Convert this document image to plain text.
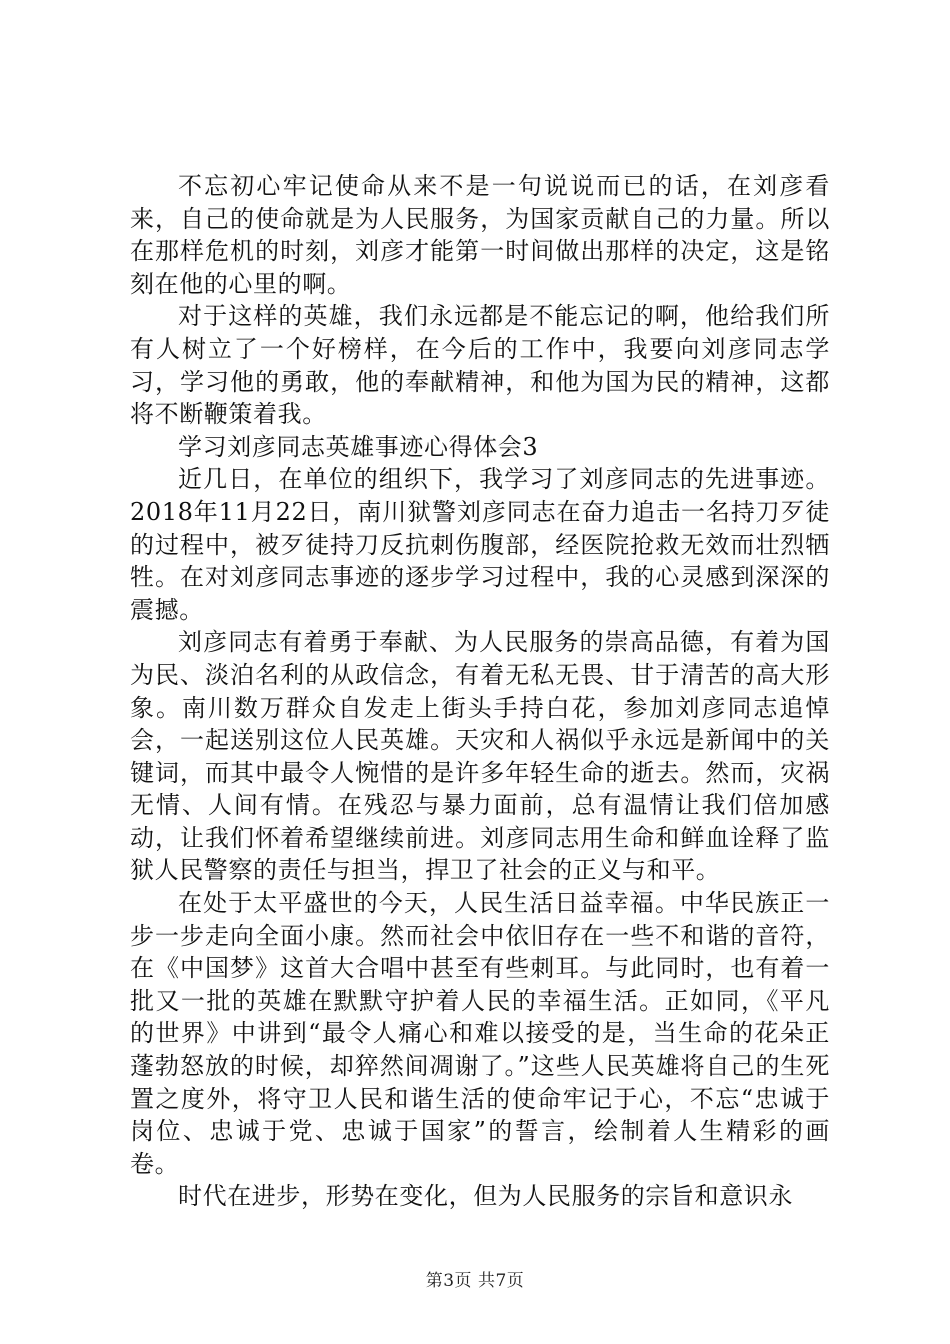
不忘初心牢记使命从来不是一句说说而已的话，在刘彦看来，自己的使命就是为人民服务，为国家贡献自己的力量。所以在那样危机的时刻，刘彦才能第一时间做出那样的决定，这是铭刻在他的心里的啊。

对于这样的英雄，我们永远都是不能忘记的啊，他给我们所有人树立了一个好榜样，在今后的工作中，我要向刘彦同志学习，学习他的勇敢，他的奉献精神，和他为国为民的精神，这都将不断鞭策着我。

学习刘彦同志英雄事迹心得体会3

近几日，在单位的组织下，我学习了刘彦同志的先进事迹。2018年11月22日，南川狱警刘彦同志在奋力追击一名持刀歹徒的过程中，被歹徒持刀反抗刺伤腹部，经医院抢救无效而壮烈牺牲。在对刘彦同志事迹的逐步学习过程中，我的心灵感到深深的震撼。

刘彦同志有着勇于奉献、为人民服务的崇高品德，有着为国为民、淡泊名利的从政信念，有着无私无畏、甘于清苦的高大形象。南川数万群众自发走上街头手持白花，参加刘彦同志追悼会，一起送别这位人民英雄。天灾和人祸似乎永远是新闻中的关键词，而其中最令人惋惜的是许多年轻生命的逝去。然而，灾祸无情、人间有情。在残忍与暴力面前，总有温情让我们倍加感动，让我们怀着希望继续前进。刘彦同志用生命和鲜血诠释了监狱人民警察的责任与担当，捍卫了社会的正义与和平。

在处于太平盛世的今天，人民生活日益幸福。中华民族正一步一步走向全面小康。然而社会中依旧存在一些不和谐的音符，在《中国梦》这首大合唱中甚至有些刺耳。与此同时，也有着一批又一批的英雄在默默守护着人民的幸福生活。正如同，《平凡的世界》中讲到“最令人痛心和难以接受的是，当生命的花朵正蓬勃怒放的时候，却猝然间凋谢了。”这些人民英雄将自己的生死置之度外，将守卫人民和谐生活的使命牢记于心，不忘“忠诚于岗位、忠诚于党、忠诚于国家”的誓言，绘制着人生精彩的画卷。

时代在进步，形势在变化，但为人民服务的宗旨和意识永

第3页 共7页
